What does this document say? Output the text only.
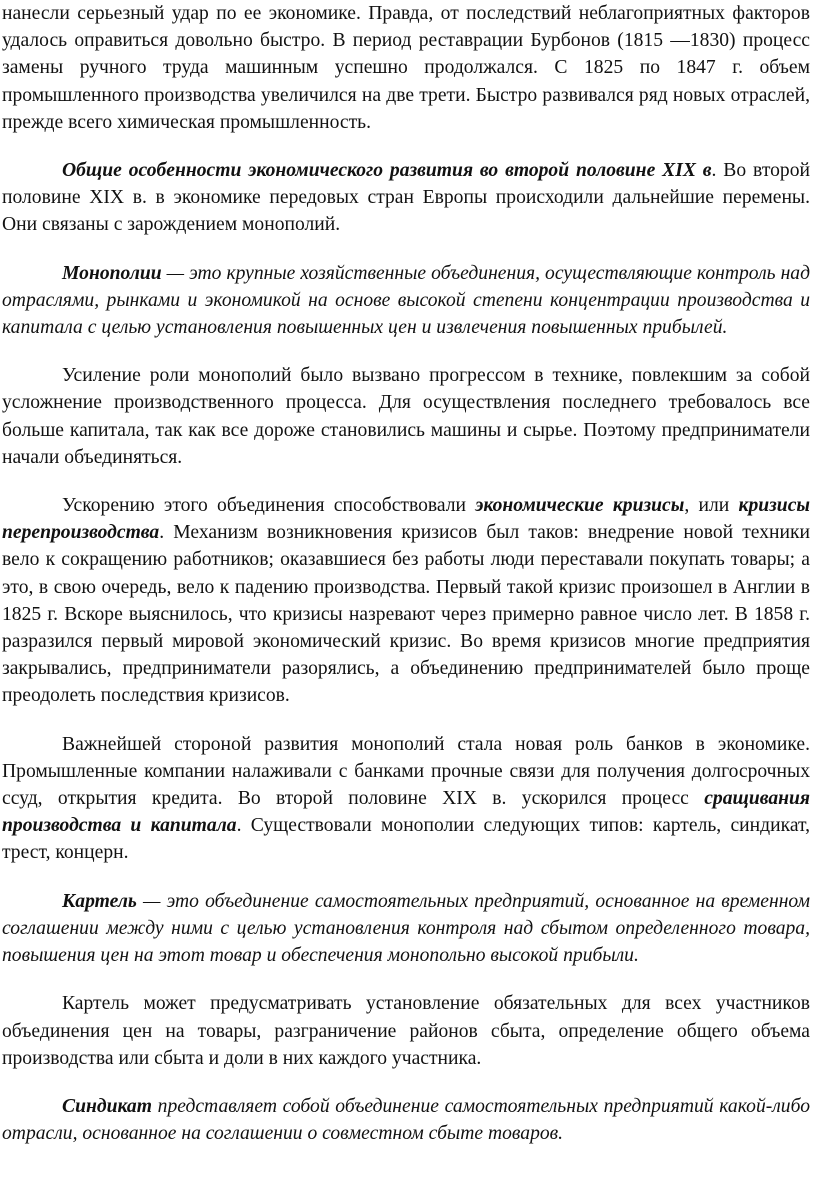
нанесли серьезный удар по ее экономике. Правда, от последствий неблагоприятных факторов удалось оправиться довольно быстро. В период реставрации Бурбонов (1815 —1830) процесс замены ручного труда машинным успешно продолжался. С 1825 по 1847 г. объем промышленного производства увеличился на две трети. Быстро развивался ряд новых отраслей, прежде всего химическая промышленность.

Общие особенности экономического развития во второй половине XIX в. Во второй половине XIX в. в экономике передовых стран Европы происходили дальнейшие перемены. Они связаны с зарождением монополий.

Монополии — это крупные хозяйственные объединения, осуществляющие контроль над отраслями, рынками и экономикой на основе высокой степени концентрации производства и капитала с целью установления повышенных цен и извлечения повышенных прибылей.

Усиление роли монополий было вызвано прогрессом в технике, повлекшим за собой усложнение производственного процесса. Для осуществления последнего требовалось все больше капитала, так как все дороже становились машины и сырье. Поэтому предприниматели начали объединяться.

Ускорению этого объединения способствовали экономические кризисы, или кризисы перепроизводства. Механизм возникновения кризисов был таков: внедрение новой техники вело к сокращению работников; оказавшиеся без работы люди переставали покупать товары; а это, в свою очередь, вело к падению производства. Первый такой кризис произошел в Англии в 1825 г. Вскоре выяснилось, что кризисы назревают через примерно равное число лет. В 1858 г. разразился первый мировой экономический кризис. Во время кризисов многие предприятия закрывались, предприниматели разорялись, а объединению предпринимателей было проще преодолеть последствия кризисов.

Важнейшей стороной развития монополий стала новая роль банков в экономике. Промышленные компании налаживали с банками прочные связи для получения долгосрочных ссуд, открытия кредита. Во второй половине XIX в. ускорился процесс сращивания производства и капитала. Существовали монополии следующих типов: картель, синдикат, трест, концерн.

Картель — это объединение самостоятельных предприятий, основанное на временном соглашении между ними с целью установления контроля над сбытом определенного товара, повышения цен на этот товар и обеспечения монопольно высокой прибыли.

Картель может предусматривать установление обязательных для всех участников объединения цен на товары, разграничение районов сбыта, определение общего объема производства или сбыта и доли в них каждого участника.

Синдикат представляет собой объединение самостоятельных предприятий какой-либо отрасли, основанное на соглашении о совместном сбыте товаров.
